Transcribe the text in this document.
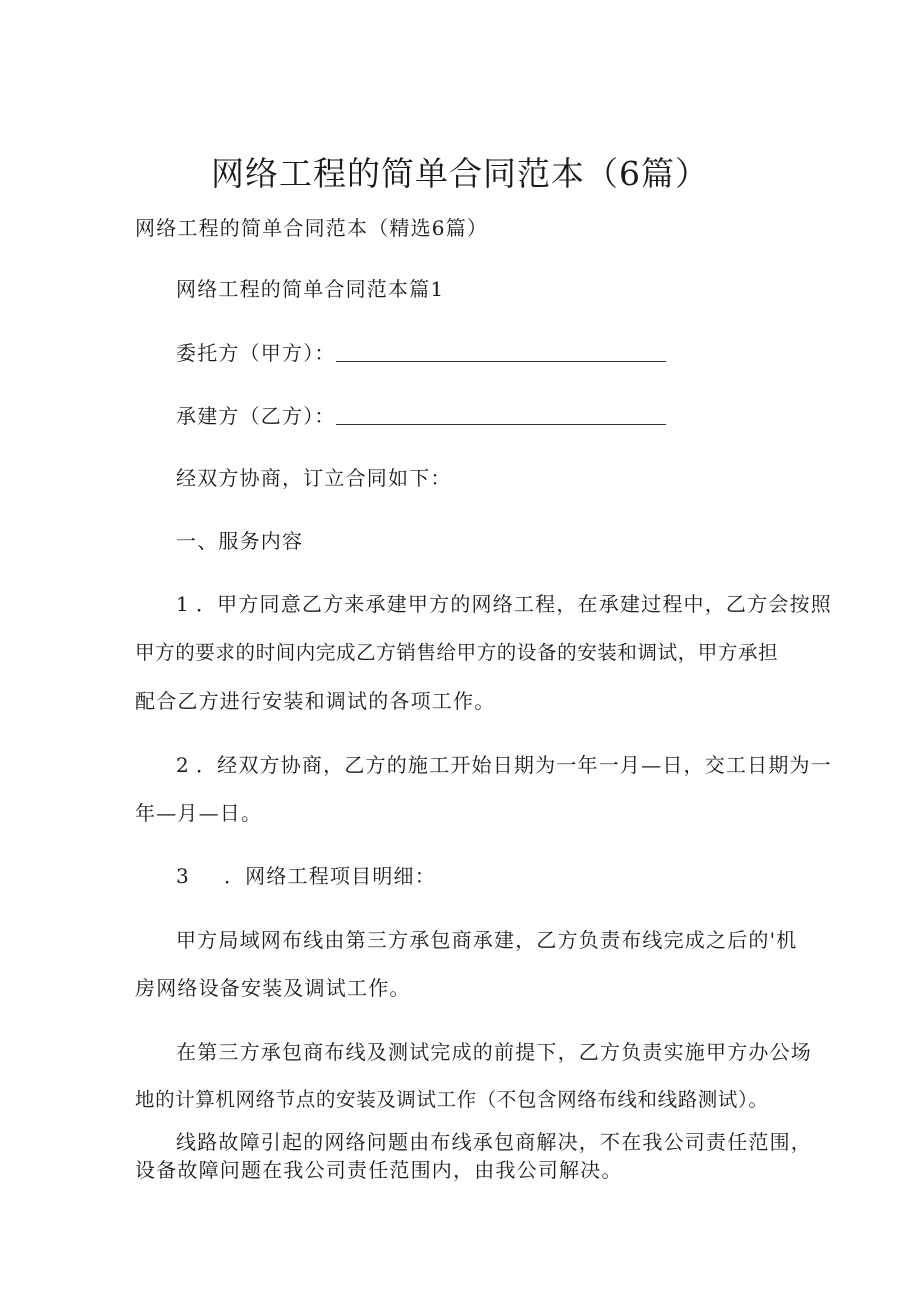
网络工程的简单合同范本（6篇）
网络工程的简单合同范本（精选6篇）
网络工程的简单合同范本篇1
委托方（甲方）：
承建方（乙方）：
经双方协商，订立合同如下：
一、服务内容
1 ．甲方同意乙方来承建甲方的网络工程，在承建过程中，乙方会按照
甲方的要求的时间内完成乙方销售给甲方的设备的安装和调试，甲方承担
配合乙方进行安装和调试的各项工作。
2 ．经双方协商，乙方的施工开始日期为一年一月—日，交工日期为一
年—月—日。
3 ．网络工程项目明细：
甲方局域网布线由第三方承包商承建，乙方负责布线完成之后的'机
房网络设备安装及调试工作。
在第三方承包商布线及测试完成的前提下，乙方负责实施甲方办公场
地的计算机网络节点的安装及调试工作（不包含网络布线和线路测试）。
线路故障引起的网络问题由布线承包商解决，不在我公司责任范围，
设备故障问题在我公司责任范围内，由我公司解决。
